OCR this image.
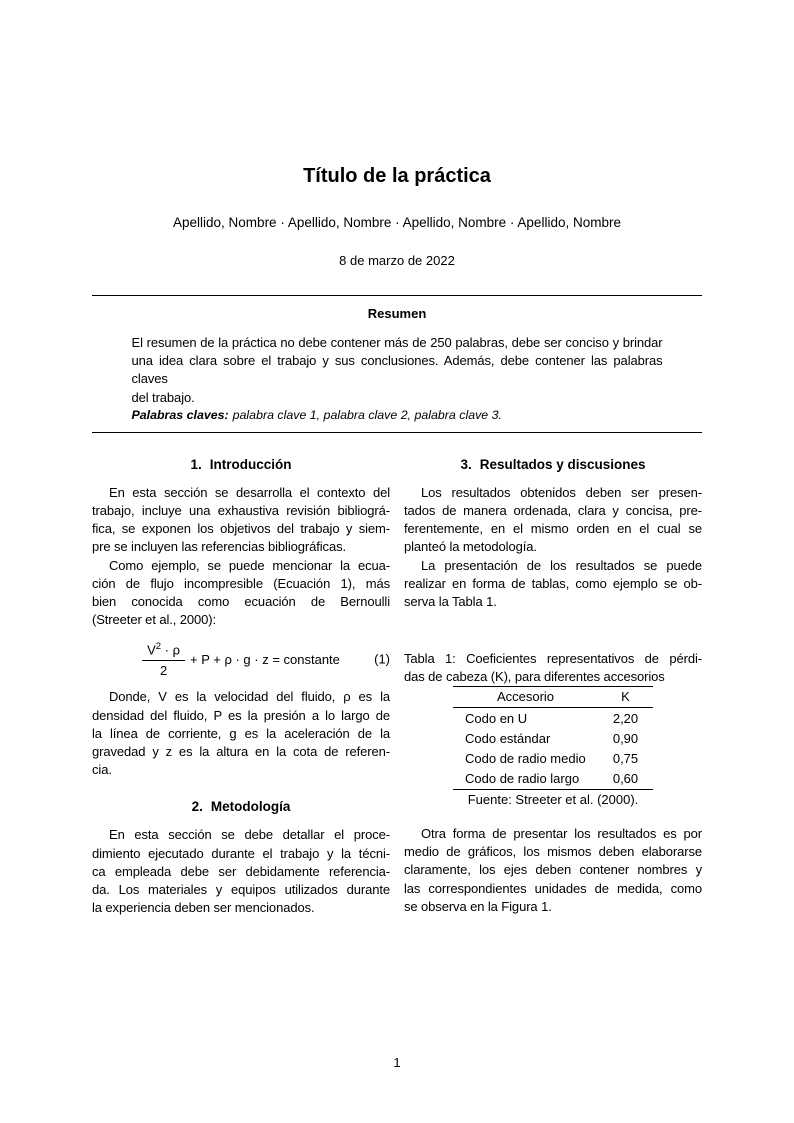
Título de la práctica
Apellido, Nombre · Apellido, Nombre · Apellido, Nombre · Apellido, Nombre
8 de marzo de 2022
Resumen
El resumen de la práctica no debe contener más de 250 palabras, debe ser conciso y brindar
una idea clara sobre el trabajo y sus conclusiones. Además, debe contener las palabras claves
del trabajo.
Palabras claves: palabra clave 1, palabra clave 2, palabra clave 3.
1. Introducción
En esta sección se desarrolla el contexto del
trabajo, incluye una exhaustiva revisión bibliográ-
fica, se exponen los objetivos del trabajo y siem-
pre se incluyen las referencias bibliográficas.
Como ejemplo, se puede mencionar la ecua-
ción de flujo incompresible (Ecuación 1), más
bien conocida como ecuación de Bernoulli
(Streeter et al., 2000):
$\frac{V^2 \cdot \rho}{2} + P + \rho \cdot g \cdot z$ = constante	(1)
Donde, V es la velocidad del fluido, ρ es la
densidad del fluido, P es la presión a lo largo de
la línea de corriente, g es la aceleración de la
gravedad y z es la altura en la cota de referen-
cia.
2. Metodología
En esta sección se debe detallar el proce-
dimiento ejecutado durante el trabajo y la técni-
ca empleada debe ser debidamente referencia-
da. Los materiales y equipos utilizados durante
la experiencia deben ser mencionados.
3. Resultados y discusiones
Los resultados obtenidos deben ser presen-
tados de manera ordenada, clara y concisa, pre-
ferentemente, en el mismo orden en el cual se
planteó la metodología.
La presentación de los resultados se puede
realizar en forma de tablas, como ejemplo se ob-
serva la Tabla 1.
Tabla 1: Coeficientes representativos de pérdi-
das de cabeza (K), para diferentes accesorios
Accesorio	K
Codo en U	2,20
Codo estándar	0,90
Codo de radio medio	0,75
Codo de radio largo	0,60
Fuente: Streeter et al. (2000).
Otra forma de presentar los resultados es por
medio de gráficos, los mismos deben elaborarse
claramente, los ejes deben contener nombres y
las correspondientes unidades de medida, como
se observa en la Figura 1.
1
